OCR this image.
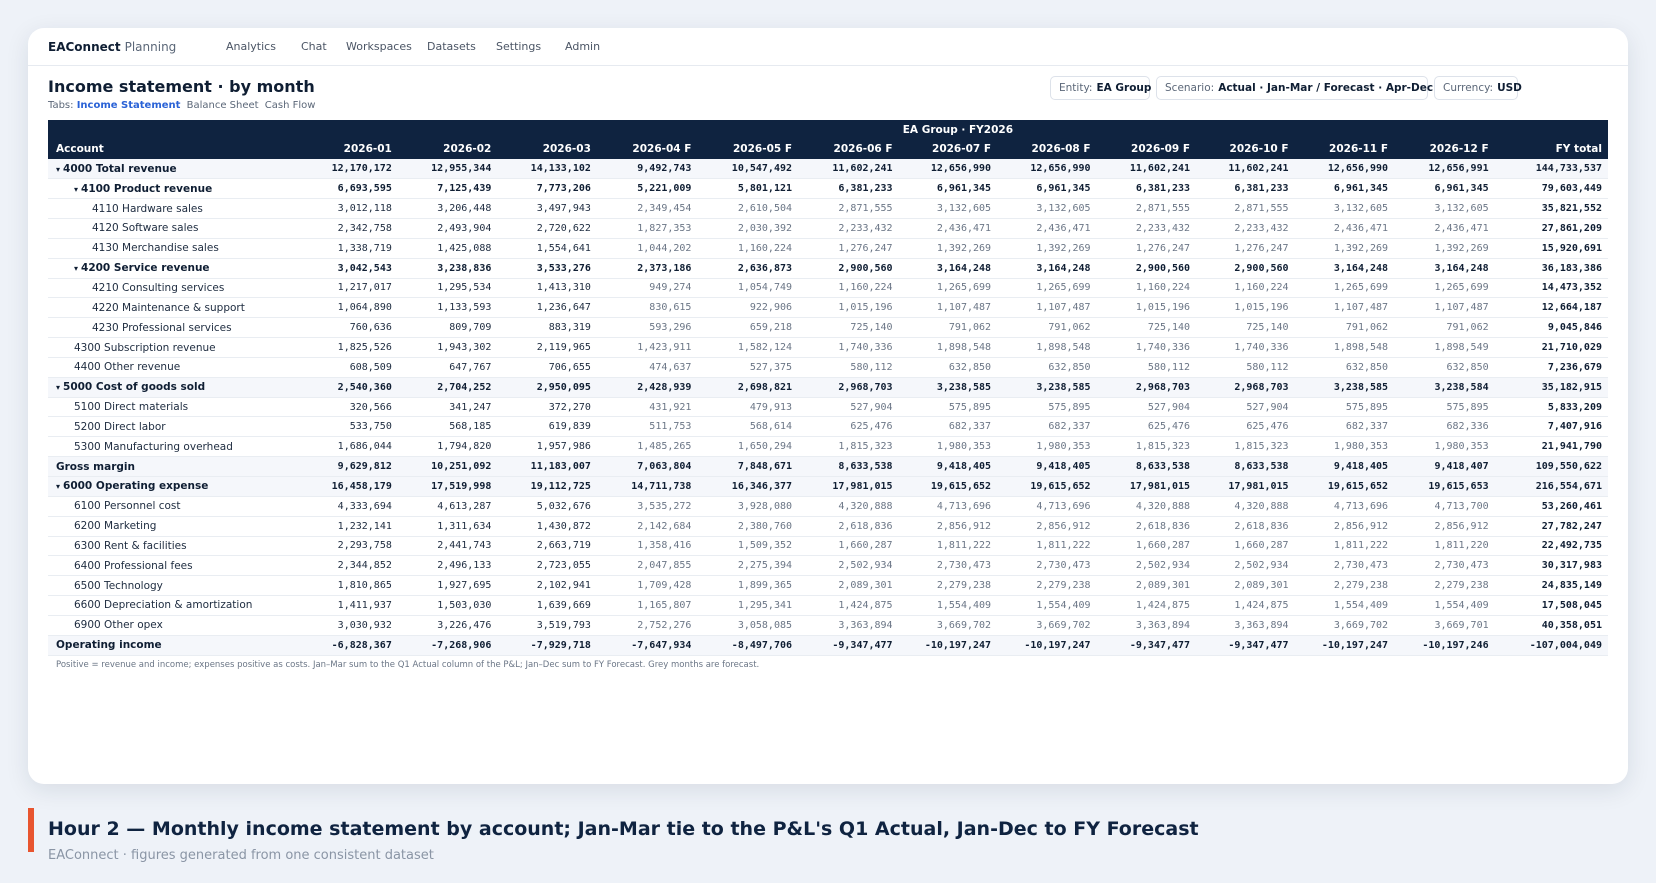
EAConnect Planning	Analytics Chat Workspaces Datasets Settings Admin
Income statement · by month
Tabs: Income Statement Balance Sheet Cash Flow
Entity: EA Group Scenario: Actual · Jan-Mar / Forecast · Apr-Dec Currency: USD
	EA Group · FY2026												
Account	2026-01	2026-02	2026-03	2026-04 F	2026-05 F	2026-06 F	2026-07 F	2026-08 F	2026-09 F	2026-10 F	2026-11 F	2026-12 F	FY total
▾ 4000 Total revenue	12,170,172	12,955,344	14,133,102	9,492,743	10,547,492	11,602,241	12,656,990	12,656,990	11,602,241	11,602,241	12,656,990	12,656,991	144,733,537
▾ 4100 Product revenue	6,693,595	7,125,439	7,773,206	5,221,009	5,801,121	6,381,233	6,961,345	6,961,345	6,381,233	6,381,233	6,961,345	6,961,345	79,603,449
4110 Hardware sales	3,012,118	3,206,448	3,497,943	2,349,454	2,610,504	2,871,555	3,132,605	3,132,605	2,871,555	2,871,555	3,132,605	3,132,605	35,821,552
4120 Software sales	2,342,758	2,493,904	2,720,622	1,827,353	2,030,392	2,233,432	2,436,471	2,436,471	2,233,432	2,233,432	2,436,471	2,436,471	27,861,209
4130 Merchandise sales	1,338,719	1,425,088	1,554,641	1,044,202	1,160,224	1,276,247	1,392,269	1,392,269	1,276,247	1,276,247	1,392,269	1,392,269	15,920,691
▾ 4200 Service revenue	3,042,543	3,238,836	3,533,276	2,373,186	2,636,873	2,900,560	3,164,248	3,164,248	2,900,560	2,900,560	3,164,248	3,164,248	36,183,386
4210 Consulting services	1,217,017	1,295,534	1,413,310	949,274	1,054,749	1,160,224	1,265,699	1,265,699	1,160,224	1,160,224	1,265,699	1,265,699	14,473,352
4220 Maintenance & support	1,064,890	1,133,593	1,236,647	830,615	922,906	1,015,196	1,107,487	1,107,487	1,015,196	1,015,196	1,107,487	1,107,487	12,664,187
4230 Professional services	760,636	809,709	883,319	593,296	659,218	725,140	791,062	791,062	725,140	725,140	791,062	791,062	9,045,846
4300 Subscription revenue	1,825,526	1,943,302	2,119,965	1,423,911	1,582,124	1,740,336	1,898,548	1,898,548	1,740,336	1,740,336	1,898,548	1,898,549	21,710,029
4400 Other revenue	608,509	647,767	706,655	474,637	527,375	580,112	632,850	632,850	580,112	580,112	632,850	632,850	7,236,679
▾ 5000 Cost of goods sold	2,540,360	2,704,252	2,950,095	2,428,939	2,698,821	2,968,703	3,238,585	3,238,585	2,968,703	2,968,703	3,238,585	3,238,584	35,182,915
5100 Direct materials	320,566	341,247	372,270	431,921	479,913	527,904	575,895	575,895	527,904	527,904	575,895	575,895	5,833,209
5200 Direct labor	533,750	568,185	619,839	511,753	568,614	625,476	682,337	682,337	625,476	625,476	682,337	682,336	7,407,916
5300 Manufacturing overhead	1,686,044	1,794,820	1,957,986	1,485,265	1,650,294	1,815,323	1,980,353	1,980,353	1,815,323	1,815,323	1,980,353	1,980,353	21,941,790
Gross margin	9,629,812	10,251,092	11,183,007	7,063,804	7,848,671	8,633,538	9,418,405	9,418,405	8,633,538	8,633,538	9,418,405	9,418,407	109,550,622
▾ 6000 Operating expense	16,458,179	17,519,998	19,112,725	14,711,738	16,346,377	17,981,015	19,615,652	19,615,652	17,981,015	17,981,015	19,615,652	19,615,653	216,554,671
6100 Personnel cost	4,333,694	4,613,287	5,032,676	3,535,272	3,928,080	4,320,888	4,713,696	4,713,696	4,320,888	4,320,888	4,713,696	4,713,700	53,260,461
6200 Marketing	1,232,141	1,311,634	1,430,872	2,142,684	2,380,760	2,618,836	2,856,912	2,856,912	2,618,836	2,618,836	2,856,912	2,856,912	27,782,247
6300 Rent & facilities	2,293,758	2,441,743	2,663,719	1,358,416	1,509,352	1,660,287	1,811,222	1,811,222	1,660,287	1,660,287	1,811,222	1,811,220	22,492,735
6400 Professional fees	2,344,852	2,496,133	2,723,055	2,047,855	2,275,394	2,502,934	2,730,473	2,730,473	2,502,934	2,502,934	2,730,473	2,730,473	30,317,983
6500 Technology	1,810,865	1,927,695	2,102,941	1,709,428	1,899,365	2,089,301	2,279,238	2,279,238	2,089,301	2,089,301	2,279,238	2,279,238	24,835,149
6600 Depreciation & amortization	1,411,937	1,503,030	1,639,669	1,165,807	1,295,341	1,424,875	1,554,409	1,554,409	1,424,875	1,424,875	1,554,409	1,554,409	17,508,045
6900 Other opex	3,030,932	3,226,476	3,519,793	2,752,276	3,058,085	3,363,894	3,669,702	3,669,702	3,363,894	3,363,894	3,669,702	3,669,701	40,358,051
Operating income	-6,828,367	-7,268,906	-7,929,718	-7,647,934	-8,497,706	-9,347,477	-10,197,247	-10,197,247	-9,347,477	-9,347,477	-10,197,247	-10,197,246	-107,004,049
Positive = revenue and income; expenses positive as costs. Jan–Mar sum to the Q1 Actual column of the P&L; Jan–Dec sum to FY Forecast. Grey months are forecast.
Hour 2 — Monthly income statement by account; Jan-Mar tie to the P&L's Q1 Actual, Jan-Dec to FY Forecast
EAConnect · figures generated from one consistent dataset
